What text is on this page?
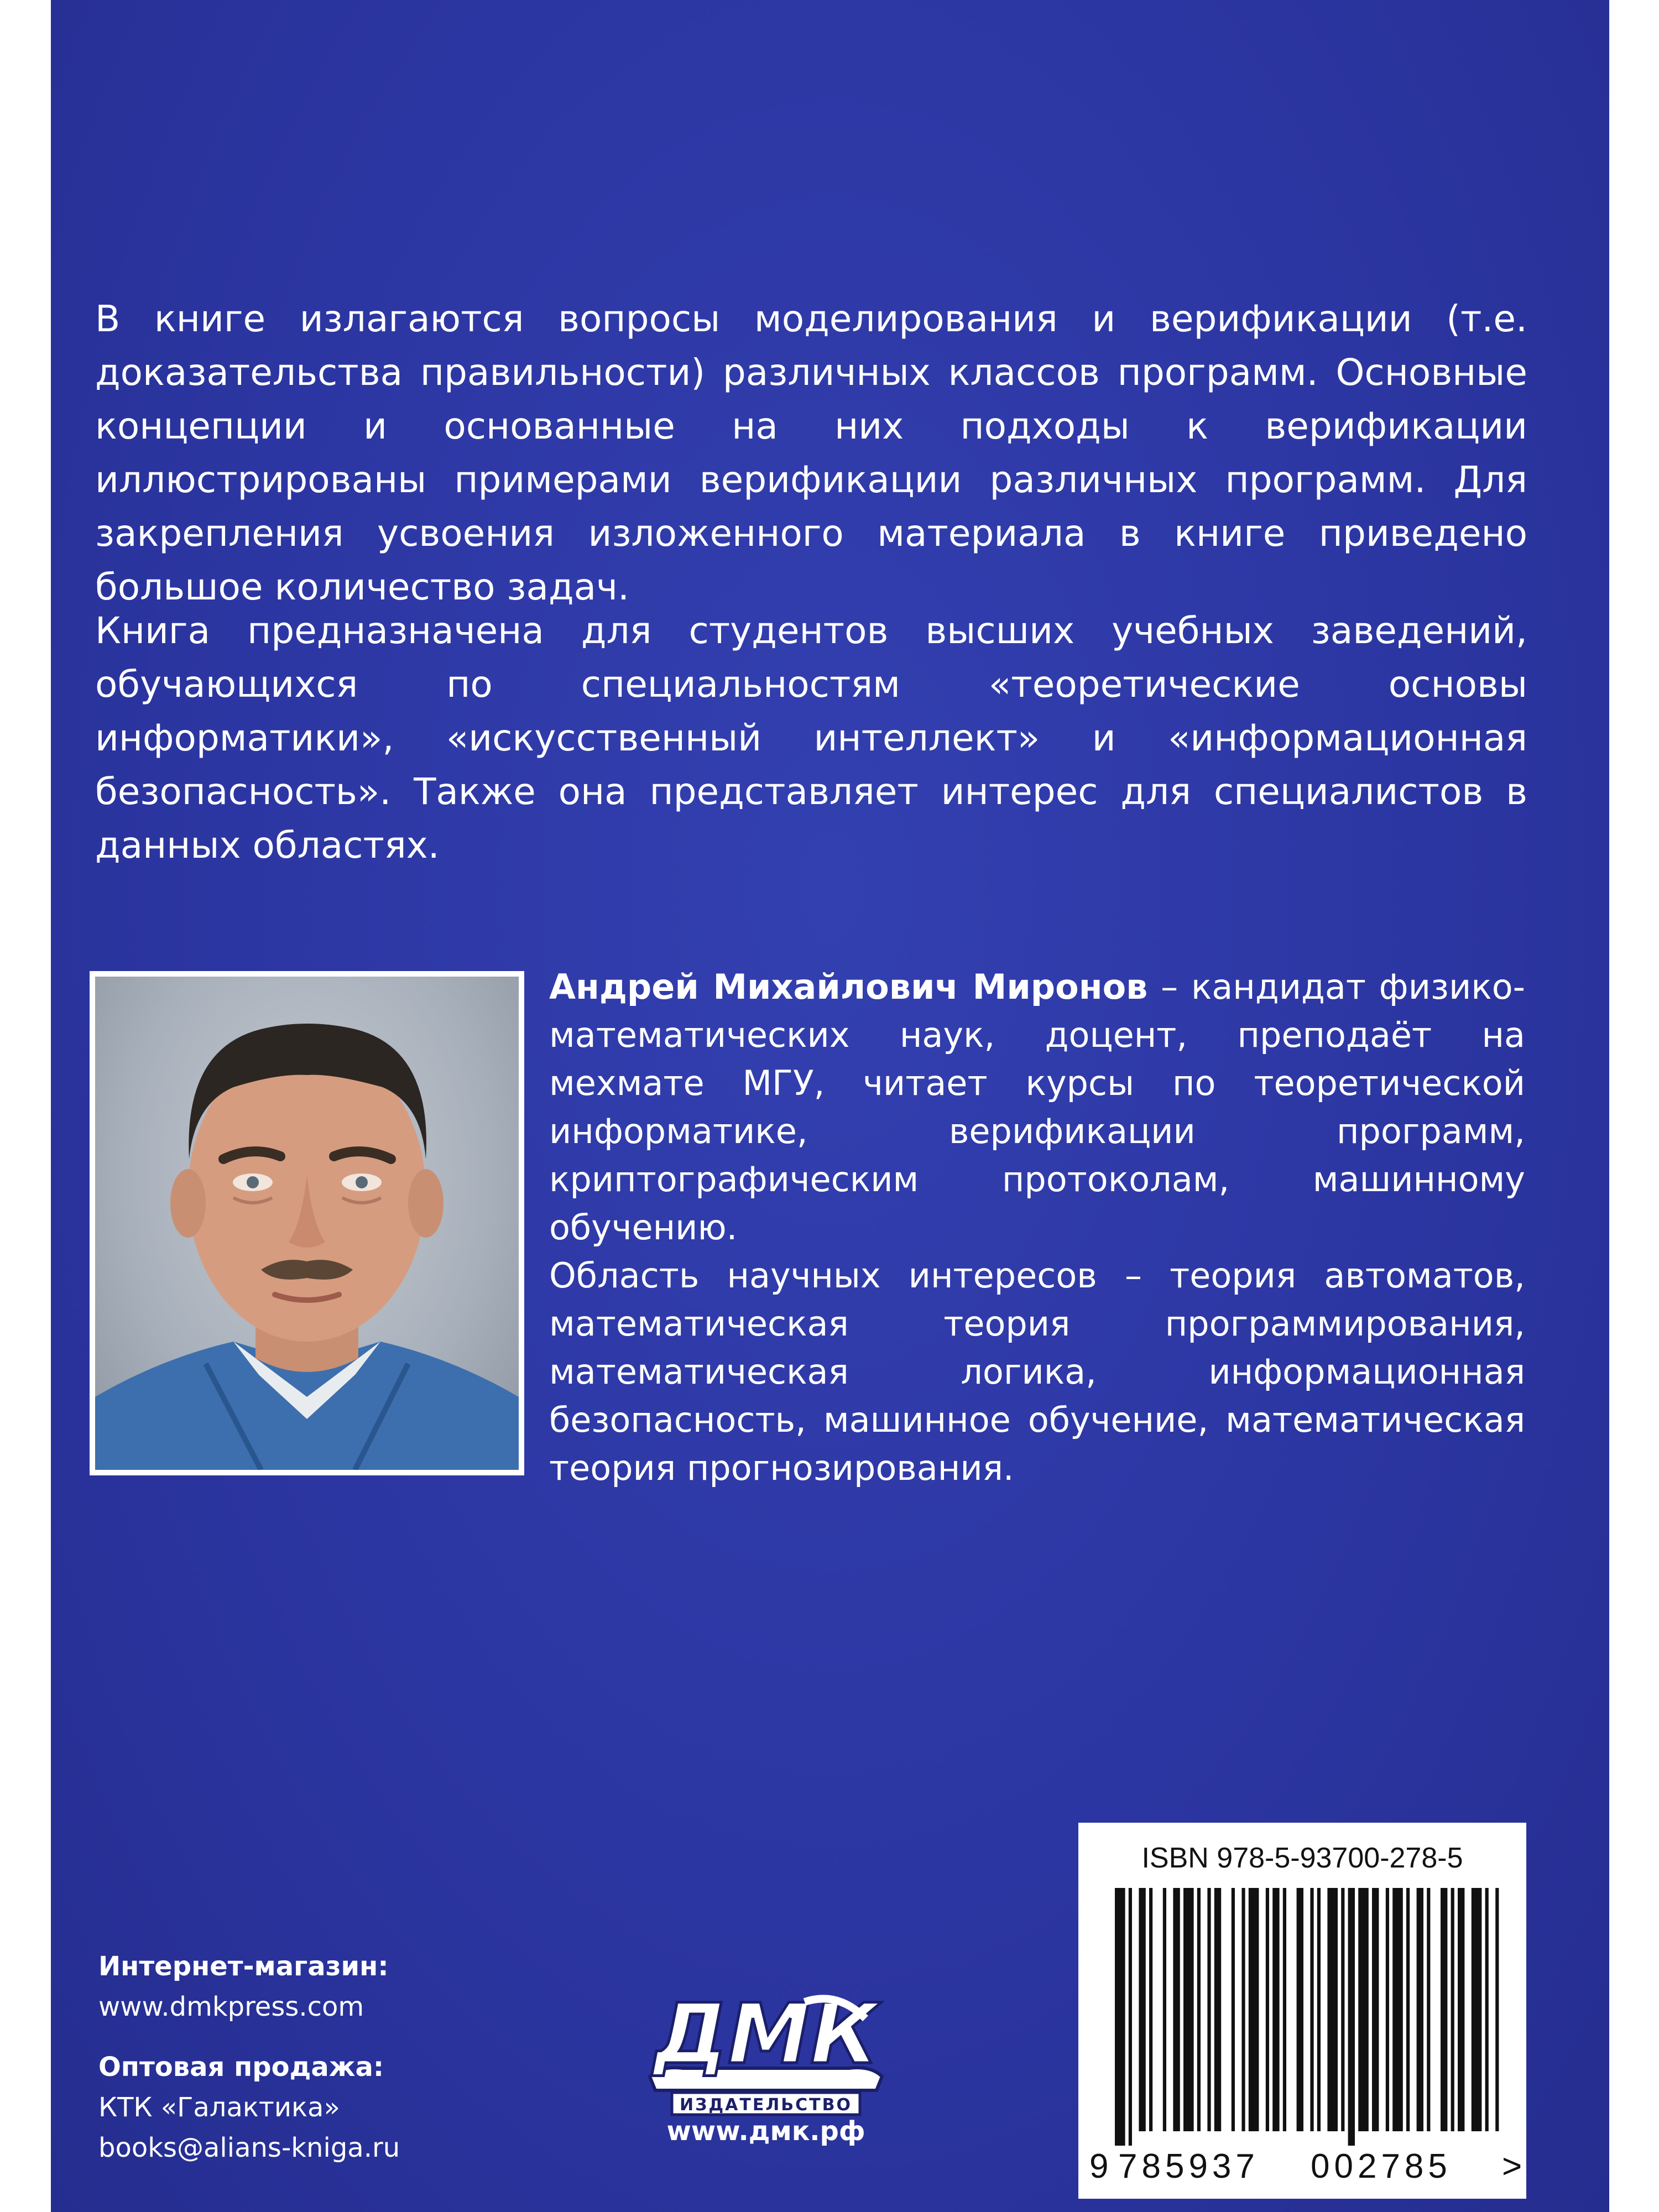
В книге излагаются вопросы моделирования и верификации (т.е. доказательства правильности) различных классов программ. Основные концепции и основанные на них подходы к верификации иллюстрированы примерами верификации различных программ. Для закрепления усвоения изложенного материала в книге приведено большое количество задач.
Книга предназначена для студентов высших учебных заведений, обучающихся по специальностям «теоретические основы информатики», «искусственный интеллект» и «информационная безопасность». Также она представляет интерес для специалистов в данных областях.
Андрей Михайлович Миронов – кандидат физико-математических наук, доцент, преподаёт на мехмате МГУ, читает курсы по теоретической информатике, верификации программ, криптографическим протоколам, машинному обучению.
Область научных интересов – теория автоматов, математическая теория программирования, математическая логика, информационная безопасность, машинное обучение, математическая теория прогнозирования.
Интернет-магазин:
www.dmkpress.com
Оптовая продажа:
КТК «Галактика»
books@alians-kniga.ru
ДМК
ИЗДАТЕЛЬСТВО
www.дмк.рф
ISBN 978-5-93700-278-5
9 785937	002785	>
